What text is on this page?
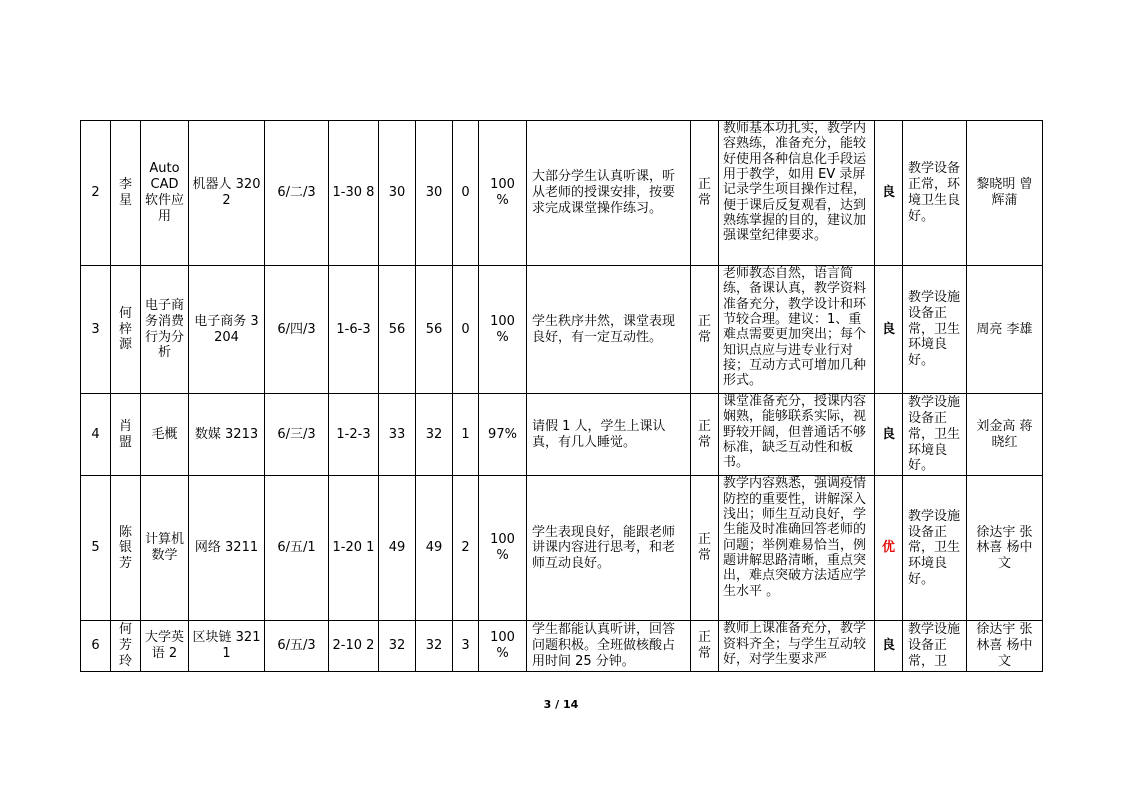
2	李星	Auto CAD 软件应用	机器人 3202	6/二/3	1-30 8	30	30	0	100 %	大部分学生认真听课，听从老师的授课安排，按要求完成课堂操作练习。	正常	教师基本功扎实，教学内容熟练，准备充分，能较好使用各种信息化手段运用于教学，如用 EV 录屏记录学生项目操作过程，便于课后反复观看，达到熟练掌握的目的，建议加强课堂纪律要求。	良	教学设备正常，环境卫生良好。	黎晓明 曾辉蒲
3	何梓源	电子商务消费行为分析	电子商务 3204	6/四/3	1-6-3	56	56	0	100 %	学生秩序井然，课堂表现良好，有一定互动性。	正常	老师教态自然，语言简练，备课认真，教学资料准备充分，教学设计和环节较合理。建议：1、重难点需要更加突出；每个知识点应与进专业行对接；互动方式可增加几种形式。	良	教学设施设备正常，卫生环境良好。	周亮 李雄
4	肖盟	毛概	数媒 3213	6/三/3	1-2-3	33	32	1	97%	请假 1 人，学生上课认真，有几人睡觉。	正常	课堂准备充分，授课内容娴熟，能够联系实际，视野较开阔，但普通话不够标准，缺乏互动性和板书。	良	教学设施设备正常，卫生环境良好。	刘金高 蒋晓红
5	陈银芳	计算机数学	网络 3211	6/五/1	1-20 1	49	49	2	100 %	学生表现良好，能跟老师讲课内容进行思考，和老师互动良好。	正常	教学内容熟悉，强调疫情防控的重要性，讲解深入浅出；师生互动良好，学生能及时准确回答老师的问题；举例难易恰当，例题讲解思路清晰，重点突出，难点突破方法适应学生水平 。	优	教学设施设备正常，卫生环境良好。	徐达宇 张林喜 杨中文
6	何芳玲	大学英语 2	区块链 3211	6/五/3	2-10 2	32	32	3	100 %	学生都能认真听讲，回答问题积极。全班做核酸占用时间 25 分钟。	正常	教师上课准备充分，教学资料齐全；与学生互动较好，对学生要求严	良	教学设施设备正常，卫	徐达宇 张林喜 杨中文
3 / 14
